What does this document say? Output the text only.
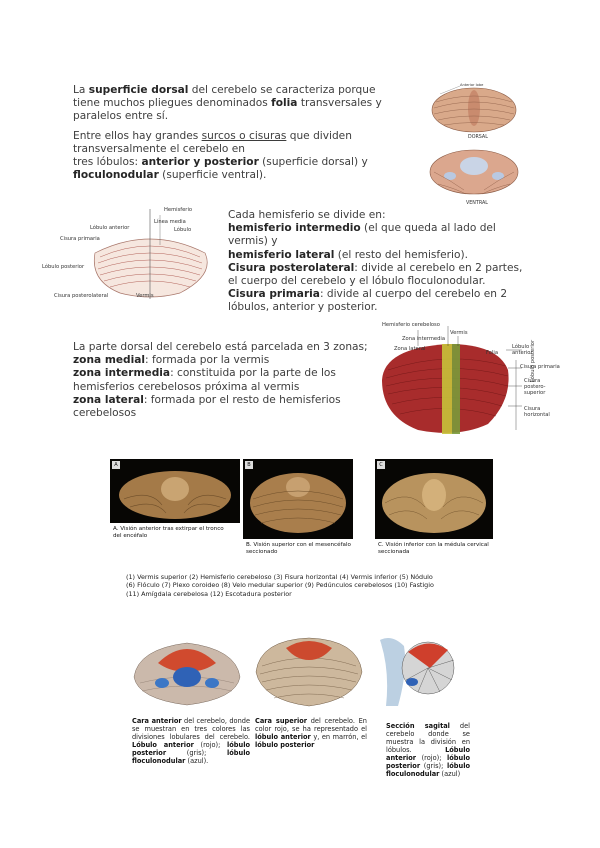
La superficie dorsal del cerebelo se caracteriza porque tiene muchos pliegues denominados folia transversales y paralelos entre sí.
Entre ellos hay grandes surcos o cisuras que dividen transversalmente el cerebelo en
tres lóbulos: anterior y posterior (superficie dorsal) y
floculonodular (superficie ventral).
Anterior lobe
DORSAL
VENTRAL
Lóbulo anterior
Cisura primaria
Lóbulo posterior
Cisura posterolateral
Hemisferio
Vermis
Línea media
Lóbulo
Cada hemisferio se divide en:
hemisferio intermedio (el que queda al lado del vermis) y
hemisferio lateral (el resto del hemisferio).
Cisura posterolateral: divide al cerebelo en 2 partes, el cuerpo del cerebelo y el lóbulo floculonodular.
Cisura primaria: divide al cuerpo del cerebelo en 2 lóbulos, anterior y posterior.
La parte dorsal del cerebelo está parcelada en 3 zonas;
zona medial: formada por la vermis
zona intermedia: constituida por la parte de los hemisferios cerebelosos próxima al vermis
zona lateral: formada por el resto de hemisferios cerebelosos
Hemisferio cerebeloso
Vermis
Zona intermedia
Zona lateral
Folia
Lóbulo anterior
Cisura primaria
Cisura postero-superior
Cisura horizontal
Lóbulo posterior
A	B	C
A. Visión anterior tras extirpar el tronco del encéfalo
B. Visión superior con el mesencéfalo seccionado
C. Visión inferior con la médula cervical seccionada
(1) Vermis superior (2) Hemisferio cerebeloso (3) Fisura horizontal (4) Vermis inferior (5) Nódulo
(6) Flóculo (7) Plexo coroideo (8) Velo medular superior (9) Pedúnculos cerebelosos (10) Fastigio
(11) Amígdala cerebelosa (12) Escotadura posterior
Cara anterior del cerebelo, donde se muestran en tres colores las divisiones lobulares del cerebelo. Lóbulo anterior (rojo); lóbulo posterior (gris); lóbulo floculonodular (azul).
Cara superior del cerebelo. En color rojo, se ha representado el lóbulo anterior y, en marrón, el lóbulo posterior
Sección sagital del cerebelo donde se muestra la división en lóbulos. Lóbulo anterior (rojo); lóbulo posterior (gris); lóbulo floculonodular (azul)
